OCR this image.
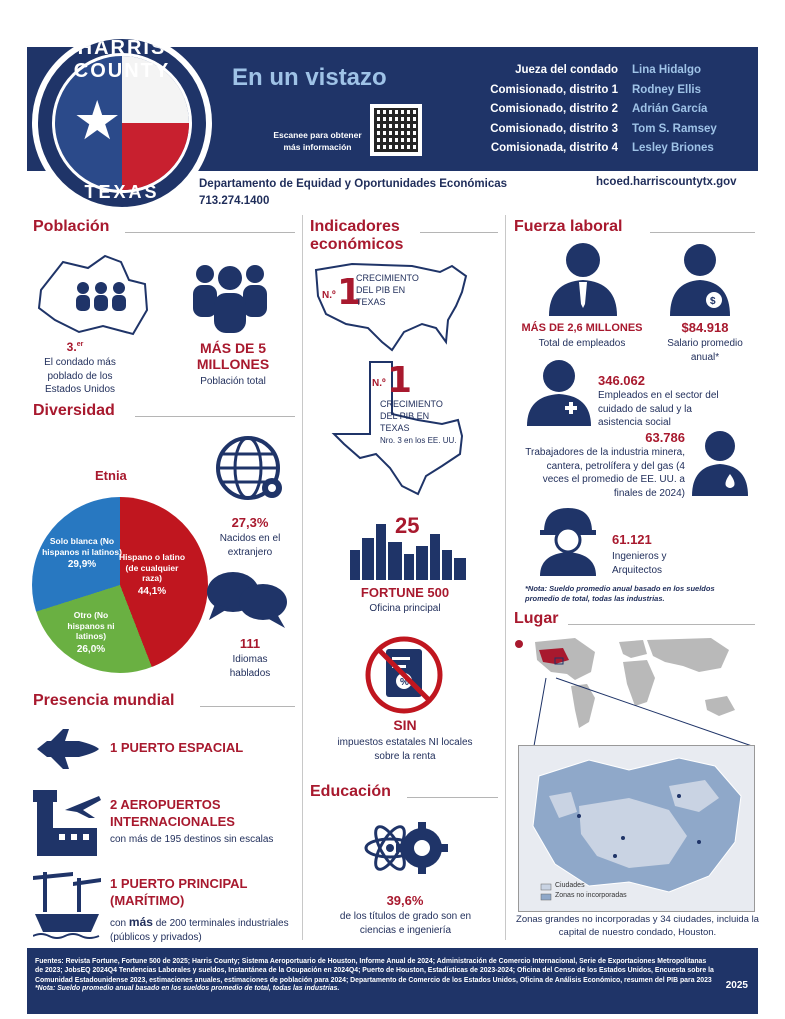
★
HARRIS COUNTY
TEXAS
En un vistazo
Escanee para obtener más información
Jueza del condado	Lina Hidalgo
Comisionado, distrito 1	Rodney Ellis
Comisionado, distrito 2	Adrián García
Comisionado, distrito 3	Tom S. Ramsey
Comisionada, distrito 4	Lesley Briones
Departamento de Equidad y Oportunidades Económicas
713.274.1400
hcoed.harriscountytx.gov
Población
3.$^{er}$
El condado más poblado de los Estados Unidos
MÁS DE 5 MILLONES
Población total
Diversidad
Etnia
Hispano o latino (de cualquier raza)
44,1%
Otro (No hispanos ni latinos)
26,0%
Solo blanca (No hispanos ni latinos)
29,9%
27,3%
Nacidos en el extranjero
111
Idiomas hablados
Presencia mundial
1 PUERTO ESPACIAL
2 AEROPUERTOS INTERNACIONALES
con más de 195 destinos sin escalas
1 PUERTO PRINCIPAL (MARÍTIMO)
con más de 200 terminales industriales (públicos y privados)
Indicadores económicos
N.º 1
CRECIMIENTO DEL PIB EN TEXAS
N.º 1
CRECIMIENTO DEL PIB EN TEXAS
Nro. 3 en los EE. UU.
25
FORTUNE 500
Oficina principal
%
SIN
impuestos estatales NI locales sobre la renta
Educación
39,6%
de los títulos de grado son en ciencias e ingeniería
Fuerza laboral
MÁS DE 2,6 MILLONES
Total de empleados
$
$84.918
Salario promedio anual*
346.062
Empleados en el sector del cuidado de salud y la asistencia social
63.786
Trabajadores de la industria minera, cantera, petrolífera y del gas (4 veces el promedio de EE. UU. a finales de 2024)
61.121
Ingenieros y Arquitectos
*Nota: Sueldo promedio anual basado en los sueldos promedio de total, todas las industrias.
Lugar
Ciudades
Zonas no incorporadas
Zonas grandes no incorporadas y 34 ciudades, incluida la capital de nuestro condado, Houston.
Fuentes: Revista Fortune, Fortune 500 de 2025; Harris County; Sistema Aeroportuario de Houston, Informe Anual de 2024; Administración de Comercio Internacional, Serie de Exportaciones Metropolitanas de 2023; JobsEQ 2024Q4 Tendencias Laborales y sueldos, Instantánea de la Ocupación en 2024Q4; Puerto de Houston, Estadísticas de 2023-2024; Oficina del Censo de los Estados Unidos, Encuesta sobre la Comunidad Estadounidense 2023, estimaciones anuales, estimaciones de población para 2024; Departamento de Comercio de los Estados Unidos, Oficina de Análisis Económico, resumen del PIB para 2023
*Nota: Sueldo promedio anual basado en los sueldos promedio de total, todas las industrias.	2025
